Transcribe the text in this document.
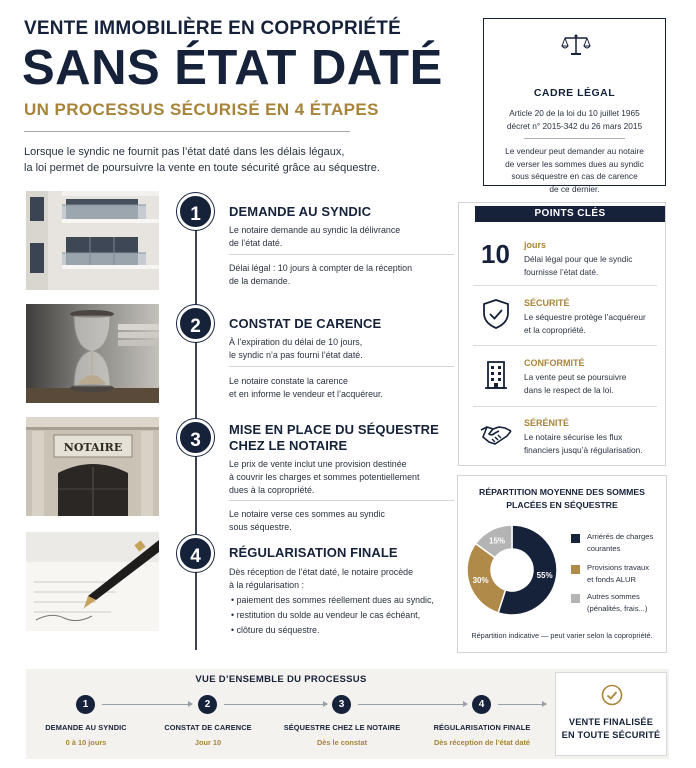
VENTE IMMOBILIÈRE EN COPROPRIÉTÉ
SANS ÉTAT DATÉ
UN PROCESSUS SÉCURISÉ EN 4 ÉTAPES
Lorsque le syndic ne fournit pas l’état daté dans les délais légaux,
la loi permet de poursuivre la vente en toute sécurité grâce au séquestre.
CADRE LÉGAL
Article 20 de la loi du 10 juillet 1965
décret n° 2015-342 du 26 mars 2015
Le vendeur peut demander au notaire
de verser les sommes dues au syndic
sous séquestre en cas de carence
de ce dernier.
1	DEMANDE AU SYNDIC
Le notaire demande au syndic la délivrance
de l’état daté.
Délai légal : 10 jours à compter de la réception
de la demande.
2	CONSTAT DE CARENCE
À l’expiration du délai de 10 jours,
le syndic n’a pas fourni l’état daté.
Le notaire constate la carence
et en informe le vendeur et l’acquéreur.
NOTAIRE	3
MISE EN PLACE DU SÉQUESTRE
CHEZ LE NOTAIRE
Le prix de vente inclut une provision destinée
à couvrir les charges et sommes potentiellement
dues à la copropriété.
Le notaire verse ces sommes au syndic
sous séquestre.
4	RÉGULARISATION FINALE
Dès réception de l’état daté, le notaire procède
à la régularisation :
• paiement des sommes réellement dues au syndic,
• restitution du solde au vendeur le cas échéant,
• clôture du séquestre.
POINTS CLÉS
10 jours
Délai légal pour que le syndic
fournisse l’état daté.
SÉCURITÉ
Le séquestre protège l’acquéreur
et la copropriété.
CONFORMITÉ
La vente peut se poursuivre
dans le respect de la loi.
SÉRÉNITÉ
Le notaire sécurise les flux
financiers jusqu’à régularisation.
RÉPARTITION MOYENNE DES SOMMES
PLACÉES EN SÉQUESTRE
55%
30%
15%
Arriérés de charges
courantes
Provisions travaux
et fonds ALUR
Autres sommes
(pénalités, frais...)
Répartition indicative — peut varier selon la copropriété.
VUE D’ENSEMBLE DU PROCESSUS
1
DEMANDE AU SYNDIC
0 à 10 jours
2
CONSTAT DE CARENCE
Jour 10
3
SÉQUESTRE CHEZ LE NOTAIRE
Dès le constat
4
RÉGULARISATION FINALE
Dès réception de l’état daté
VENTE FINALISÉE
EN TOUTE SÉCURITÉ
